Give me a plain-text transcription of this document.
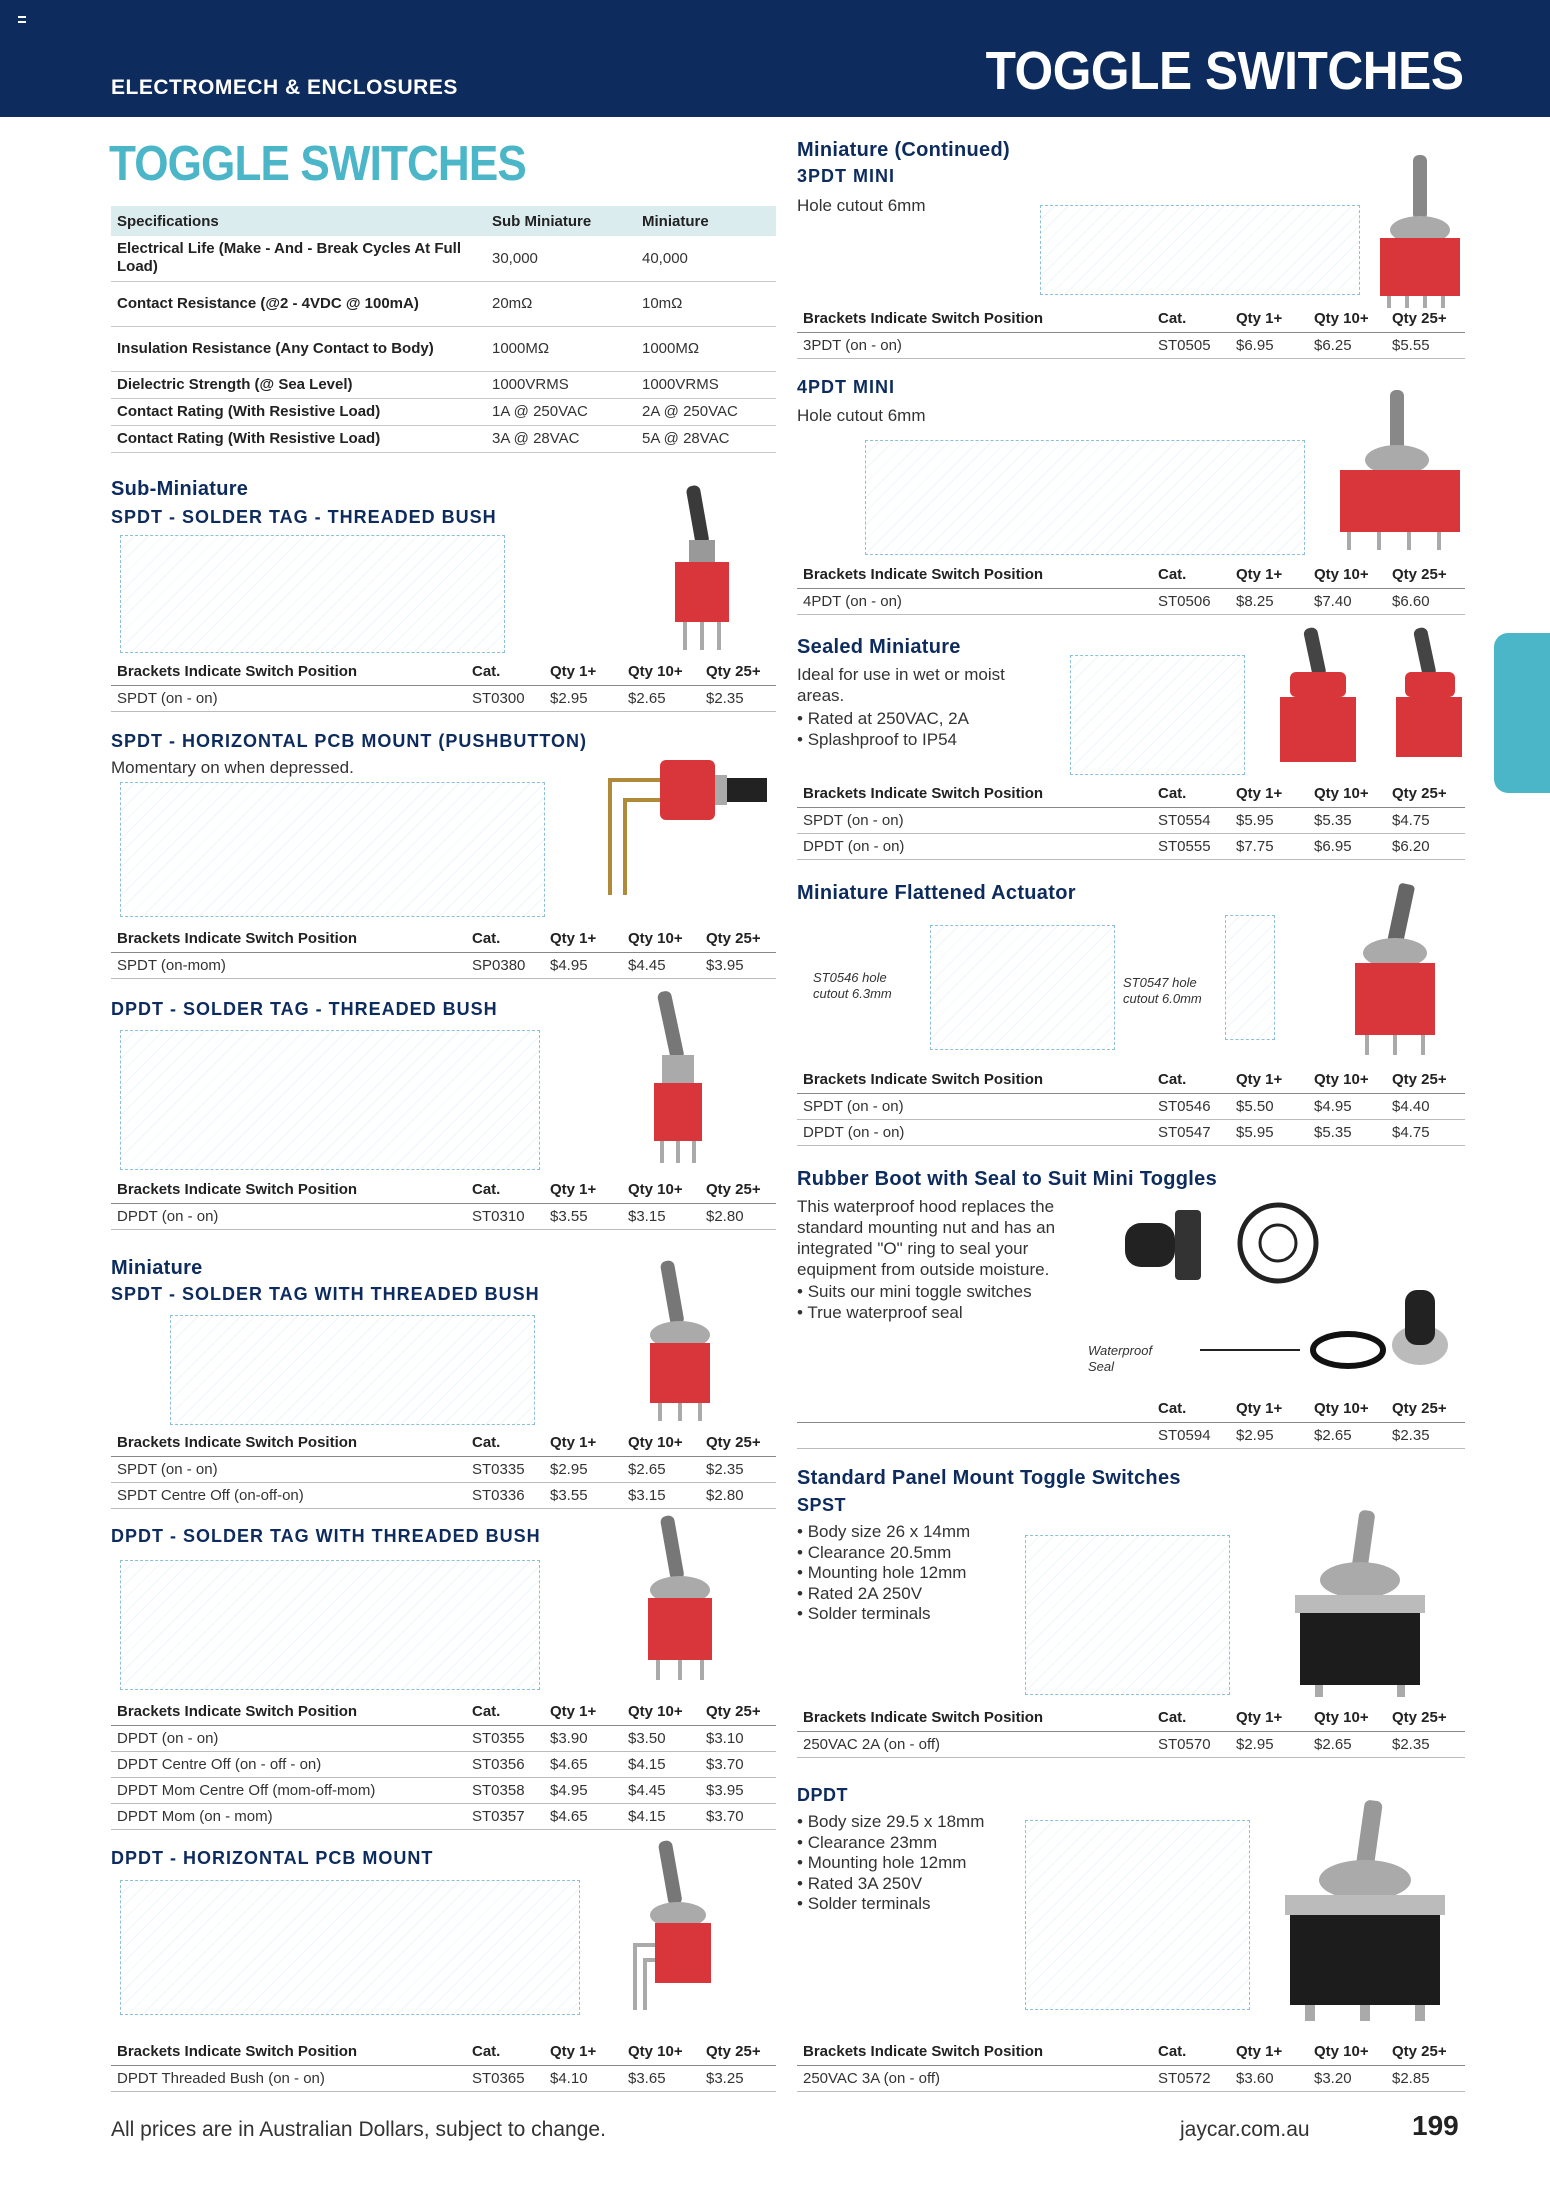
ELECTROMECH & ENCLOSURES	TOGGLE SWITCHES
TOGGLE SWITCHES
Specifications	Sub Miniature	Miniature
Electrical Life (Make - And - Break Cycles At Full Load)	30,000	40,000
Contact Resistance (@2 - 4VDC @ 100mA)	20mΩ	10mΩ
Insulation Resistance (Any Contact to Body)	1000MΩ	1000MΩ
Dielectric Strength (@ Sea Level)	1000VRMS	1000VRMS
Contact Rating (With Resistive Load)	1A @ 250VAC	2A @ 250VAC
Contact Rating (With Resistive Load)	3A @ 28VAC	5A @ 28VAC
Sub-Miniature
SPDT - SOLDER TAG - THREADED BUSH
Brackets Indicate Switch Position	Cat.	Qty 1+	Qty 10+	Qty 25+
SPDT (on - on)	ST0300	$2.95	$2.65	$2.35
SPDT - HORIZONTAL PCB MOUNT (PUSHBUTTON)
Momentary on when depressed.
Brackets Indicate Switch Position	Cat.	Qty 1+	Qty 10+	Qty 25+
SPDT (on-mom)	SP0380	$4.95	$4.45	$3.95
DPDT - SOLDER TAG - THREADED BUSH
Brackets Indicate Switch Position	Cat.	Qty 1+	Qty 10+	Qty 25+
DPDT (on - on)	ST0310	$3.55	$3.15	$2.80
Miniature
SPDT - SOLDER TAG WITH THREADED BUSH
Brackets Indicate Switch Position	Cat.	Qty 1+	Qty 10+	Qty 25+
SPDT (on - on)	ST0335	$2.95	$2.65	$2.35
SPDT Centre Off (on-off-on)	ST0336	$3.55	$3.15	$2.80
DPDT - SOLDER TAG WITH THREADED BUSH
Brackets Indicate Switch Position	Cat.	Qty 1+	Qty 10+	Qty 25+
DPDT (on - on)	ST0355	$3.90	$3.50	$3.10
DPDT Centre Off (on - off - on)	ST0356	$4.65	$4.15	$3.70
DPDT Mom Centre Off (mom-off-mom)	ST0358	$4.95	$4.45	$3.95
DPDT Mom (on - mom)	ST0357	$4.65	$4.15	$3.70
DPDT - HORIZONTAL PCB MOUNT
Brackets Indicate Switch Position	Cat.	Qty 1+	Qty 10+	Qty 25+
DPDT Threaded Bush (on - on)	ST0365	$4.10	$3.65	$3.25
Miniature (Continued)
3PDT MINI
Hole cutout 6mm
Brackets Indicate Switch Position	Cat.	Qty 1+	Qty 10+	Qty 25+
3PDT (on - on)	ST0505	$6.95	$6.25	$5.55
4PDT MINI
Hole cutout 6mm
Brackets Indicate Switch Position	Cat.	Qty 1+	Qty 10+	Qty 25+
4PDT (on - on)	ST0506	$8.25	$7.40	$6.60
Sealed Miniature
Ideal for use in wet or moist areas.
• Rated at 250VAC, 2A
• Splashproof to IP54
Brackets Indicate Switch Position	Cat.	Qty 1+	Qty 10+	Qty 25+
SPDT (on - on)	ST0554	$5.95	$5.35	$4.75
DPDT (on - on)	ST0555	$7.75	$6.95	$6.20
Miniature Flattened Actuator
ST0546 hole cutout 6.3mm
ST0547 hole cutout 6.0mm
Brackets Indicate Switch Position	Cat.	Qty 1+	Qty 10+	Qty 25+
SPDT (on - on)	ST0546	$5.50	$4.95	$4.40
DPDT (on - on)	ST0547	$5.95	$5.35	$4.75
Rubber Boot with Seal to Suit Mini Toggles
This waterproof hood replaces the standard mounting nut and has an integrated "O" ring to seal your equipment from outside moisture.
• Suits our mini toggle switches
• True waterproof seal
Waterproof Seal
	Cat.	Qty 1+	Qty 10+	Qty 25+
	ST0594	$2.95	$2.65	$2.35
Standard Panel Mount Toggle Switches
SPST
• Body size 26 x 14mm
• Clearance 20.5mm
• Mounting hole 12mm
• Rated 2A 250V
• Solder terminals
Brackets Indicate Switch Position	Cat.	Qty 1+	Qty 10+	Qty 25+
250VAC 2A (on - off)	ST0570	$2.95	$2.65	$2.35
DPDT
• Body size 29.5 x 18mm
• Clearance 23mm
• Mounting hole 12mm
• Rated 3A 250V
• Solder terminals
Brackets Indicate Switch Position	Cat.	Qty 1+	Qty 10+	Qty 25+
250VAC 3A (on - off)	ST0572	$3.60	$3.20	$2.85
All prices are in Australian Dollars, subject to change.	jaycar.com.au	199
